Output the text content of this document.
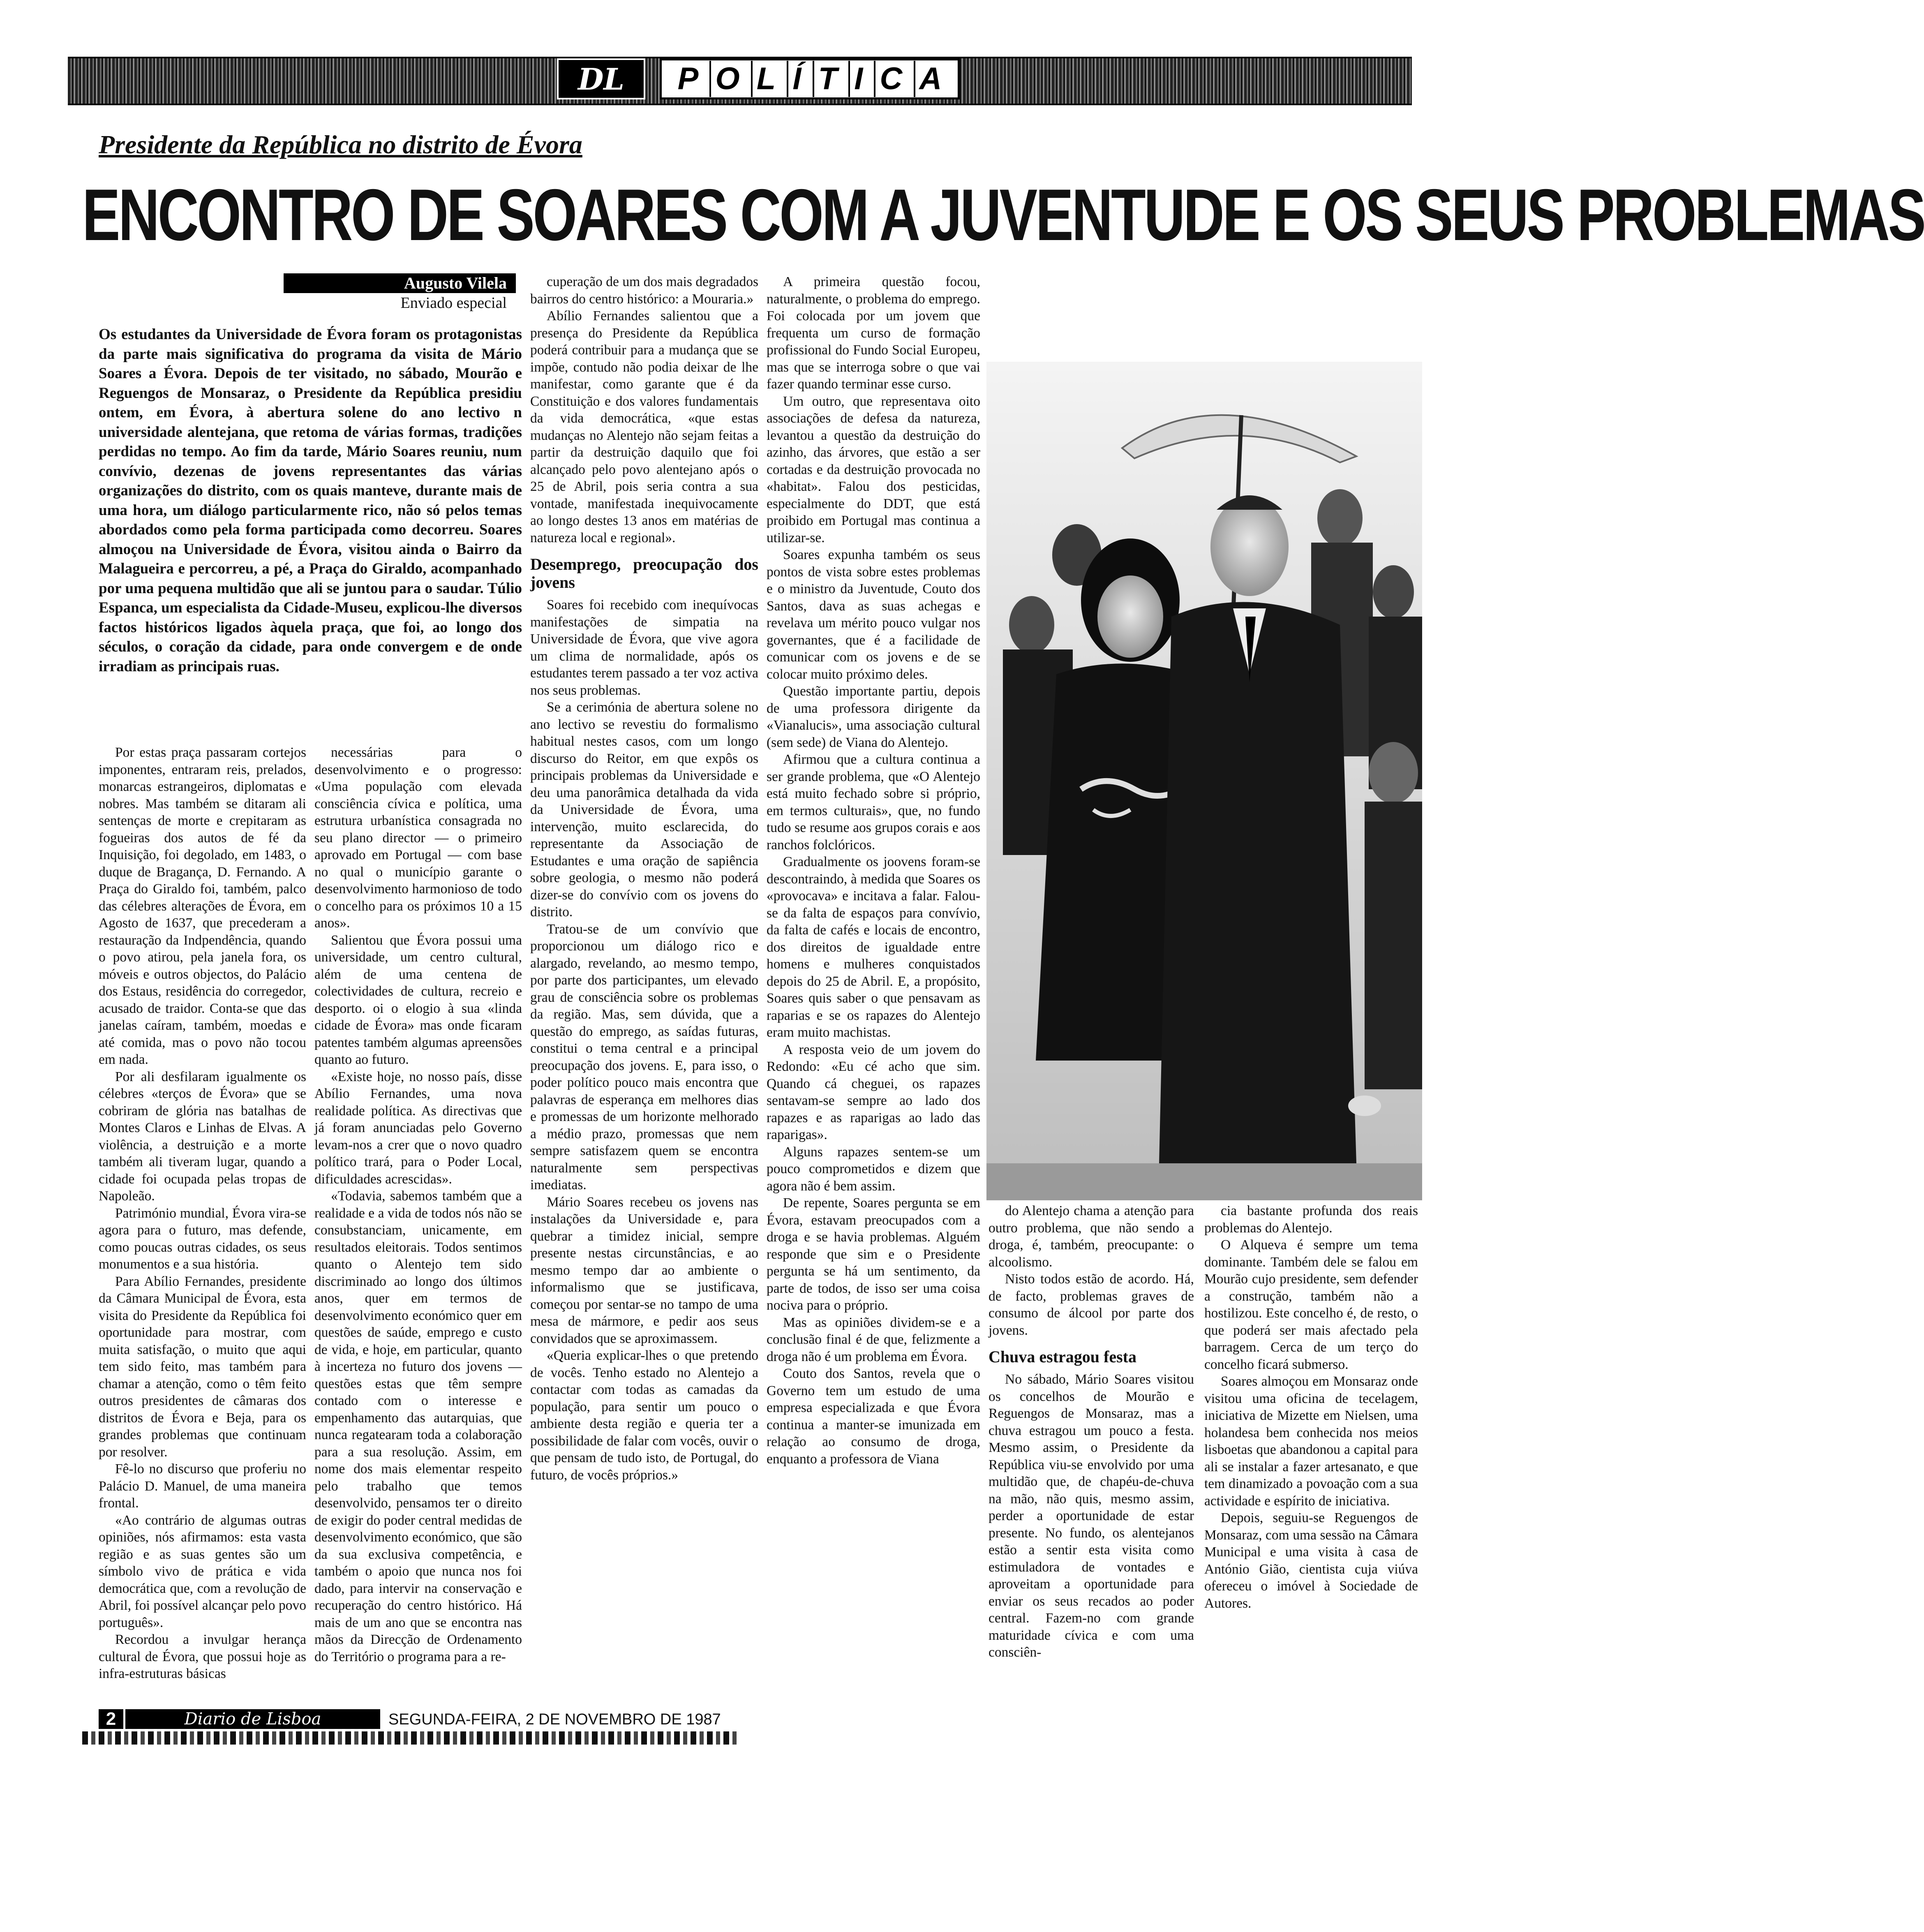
DL	P O L Í T I C A
Presidente da República no distrito de Évora
ENCONTRO DE SOARES COM A JUVENTUDE E OS SEUS PROBLEMAS
Augusto Vilela
Enviado especial
Os estudantes da Universidade de Évora foram os protagonistas da parte mais significativa do programa da visita de Mário Soares a Évora. Depois de ter visitado, no sábado, Mourão e Reguengos de Monsaraz, o Presidente da República presidiu ontem, em Évora, à abertura solene do ano lectivo n universidade alentejana, que retoma de várias formas, tradições perdidas no tempo. Ao fim da tarde, Mário Soares reuniu, num convívio, dezenas de jovens representantes das várias organizações do distrito, com os quais manteve, durante mais de uma hora, um diálogo particularmente rico, não só pelos temas abordados como pela forma participada como decorreu. Soares almoçou na Universidade de Évora, visitou ainda o Bairro da Malagueira e percorreu, a pé, a Praça do Giraldo, acompanhado por uma pequena multidão que ali se juntou para o saudar. Túlio Espanca, um especialista da Cidade-Museu, explicou-lhe diversos factos históricos ligados àquela praça, que foi, ao longo dos séculos, o coração da cidade, para onde convergem e de onde irradiam as principais ruas.

Por estas praça passaram cortejos imponentes, entraram reis, prelados, monarcas estrangeiros, diplomatas e nobres. Mas também se ditaram ali sentenças de morte e crepitaram as fogueiras dos autos de fé da Inquisição, foi degolado, em 1483, o duque de Bragança, D. Fernando. A Praça do Giraldo foi, também, palco das célebres alterações de Évora, em Agosto de 1637, que precederam a restauração da Indpendência, quando o povo atirou, pela janela fora, os móveis e outros objectos, do Palácio dos Estaus, residência do corregedor, acusado de traidor. Conta-se que das janelas caíram, também, moedas e até comida, mas o povo não tocou em nada.

Por ali desfilaram igualmente os célebres «terços de Évora» que se cobriram de glória nas batalhas de Montes Claros e Linhas de Elvas. A violência, a destruição e a morte também ali tiveram lugar, quando a cidade foi ocupada pelas tropas de Napoleão.

Património mundial, Évora vira-se agora para o futuro, mas defende, como poucas outras cidades, os seus monumentos e a sua história.

Para Abílio Fernandes, presidente da Câmara Municipal de Évora, esta visita do Presidente da República foi oportunidade para mostrar, com muita satisfação, o muito que aqui tem sido feito, mas também para chamar a atenção, como o têm feito outros presidentes de câmaras dos distritos de Évora e Beja, para os grandes problemas que continuam por resolver.

Fê-lo no discurso que proferiu no Palácio D. Manuel, de uma maneira frontal.

«Ao contrário de algumas outras opiniões, nós afirmamos: esta vasta região e as suas gentes são um símbolo vivo de prática e vida democrática que, com a revolução de Abril, foi possível alcançar pelo povo português».

Recordou a invulgar herança cultural de Évora, que possui hoje as infra-estruturas básicas

necessárias para o desenvolvimento e o progresso: «Uma população com elevada consciência cívica e política, uma estrutura urbanística consagrada no seu plano director — o primeiro aprovado em Portugal — com base no qual o município garante o desenvolvimento harmonioso de todo o concelho para os próximos 10 a 15 anos».

Salientou que Évora possui uma universidade, um centro cultural, além de uma centena de colectividades de cultura, recreio e desporto. oi o elogio à sua «linda cidade de Évora» mas onde ficaram patentes também algumas apreensões quanto ao futuro.

«Existe hoje, no nosso país, disse Abílio Fernandes, uma nova realidade política. As directivas que já foram anunciadas pelo Governo levam-nos a crer que o novo quadro político trará, para o Poder Local, dificuldades acrescidas».

«Todavia, sabemos também que a realidade e a vida de todos nós não se consubstanciam, unicamente, em resultados eleitorais. Todos sentimos quanto o Alentejo tem sido discriminado ao longo dos últimos anos, quer em termos de desenvolvimento económico quer em questões de saúde, emprego e custo de vida, e hoje, em particular, quanto à incerteza no futuro dos jovens — questões estas que têm sempre contado com o interesse e empenhamento das autarquias, que nunca regatearam toda a colaboração para a sua resolução. Assim, em nome dos mais elementar respeito pelo trabalho que temos desenvolvido, pensamos ter o direito de exigir do poder central medidas de desenvolvimento económico, que são da sua exclusiva competência, e também o apoio que nunca nos foi dado, para intervir na conservação e recuperação do centro histórico. Há mais de um ano que se encontra nas mãos da Direcção de Ordenamento do Território o programa para a re-

cuperação de um dos mais degradados bairros do centro histórico: a Mouraria.»

Abílio Fernandes salientou que a presença do Presidente da República poderá contribuir para a mudança que se impõe, contudo não podia deixar de lhe manifestar, como garante que é da Constituição e dos valores fundamentais da vida democrática, «que estas mudanças no Alentejo não sejam feitas a partir da destruição daquilo que foi alcançado pelo povo alentejano após o 25 de Abril, pois seria contra a sua vontade, manifestada inequivocamente ao longo destes 13 anos em matérias de natureza local e regional».

Desemprego, preocupação dos jovens

Soares foi recebido com inequívocas manifestações de simpatia na Universidade de Évora, que vive agora um clima de normalidade, após os estudantes terem passado a ter voz activa nos seus problemas.

Se a cerimónia de abertura solene no ano lectivo se revestiu do formalismo habitual nestes casos, com um longo discurso do Reitor, em que expôs os principais problemas da Universidade e deu uma panorâmica detalhada da vida da Universidade de Évora, uma intervenção, muito esclarecida, do representante da Associação de Estudantes e uma oração de sapiência sobre geologia, o mesmo não poderá dizer-se do convívio com os jovens do distrito.

Tratou-se de um convívio que proporcionou um diálogo rico e alargado, revelando, ao mesmo tempo, por parte dos participantes, um elevado grau de consciência sobre os problemas da região. Mas, sem dúvida, que a questão do emprego, as saídas futuras, constitui o tema central e a principal preocupação dos jovens. E, para isso, o poder político pouco mais encontra que palavras de esperança em melhores dias e promessas de um horizonte melhorado a médio prazo, promessas que nem sempre satisfazem quem se encontra naturalmente sem perspectivas imediatas.

Mário Soares recebeu os jovens nas instalações da Universidade e, para quebrar a timidez inicial, sempre presente nestas circunstâncias, e ao mesmo tempo dar ao ambiente o informalismo que se justificava, começou por sentar-se no tampo de uma mesa de mármore, e pedir aos seus convidados que se aproximassem.

«Queria explicar-lhes o que pretendo de vocês. Tenho estado no Alentejo a contactar com todas as camadas da população, para sentir um pouco o ambiente desta região e queria ter a possibilidade de falar com vocês, ouvir o que pensam de tudo isto, de Portugal, do futuro, de vocês próprios.»

A primeira questão focou, naturalmente, o problema do emprego. Foi colocada por um jovem que frequenta um curso de formação profissional do Fundo Social Europeu, mas que se interroga sobre o que vai fazer quando terminar esse curso.

Um outro, que representava oito associações de defesa da natureza, levantou a questão da destruição do azinho, das árvores, que estão a ser cortadas e da destruição provocada no «habitat». Falou dos pesticidas, especialmente do DDT, que está proibido em Portugal mas continua a utilizar-se.

Soares expunha também os seus pontos de vista sobre estes problemas e o ministro da Juventude, Couto dos Santos, dava as suas achegas e revelava um mérito pouco vulgar nos governantes, que é a facilidade de comunicar com os jovens e de se colocar muito próximo deles.

Questão importante partiu, depois de uma professora dirigente da «Vianalucis», uma associação cultural (sem sede) de Viana do Alentejo.

Afirmou que a cultura continua a ser grande problema, que «O Alentejo está muito fechado sobre si próprio, em termos culturais», que, no fundo tudo se resume aos grupos corais e aos ranchos folclóricos.

Gradualmente os joovens foram-se descontraindo, à medida que Soares os «provocava» e incitava a falar. Falou-se da falta de espaços para convívio, da falta de cafés e locais de encontro, dos direitos de igualdade entre homens e mulheres conquistados depois do 25 de Abril. E, a propósito, Soares quis saber o que pensavam as raparias e se os rapazes do Alentejo eram muito machistas.

A resposta veio de um jovem do Redondo: «Eu cé acho que sim. Quando cá cheguei, os rapazes sentavam-se sempre ao lado dos rapazes e as raparigas ao lado das raparigas».

Alguns rapazes sentem-se um pouco comprometidos e dizem que agora não é bem assim.

De repente, Soares pergunta se em Évora, estavam preocupados com a droga e se havia problemas. Alguém responde que sim e o Presidente pergunta se há um sentimento, da parte de todos, de isso ser uma coisa nociva para o próprio.

Mas as opiniões dividem-se e a conclusão final é de que, felizmente a droga não é um problema em Évora.

Couto dos Santos, revela que o Governo tem um estudo de uma empresa especializada e que Évora continua a manter-se imunizada em relação ao consumo de droga, enquanto a professora de Viana

do Alentejo chama a atenção para outro problema, que não sendo a droga, é, também, preocupante: o alcoolismo.

Nisto todos estão de acordo. Há, de facto, problemas graves de consumo de álcool por parte dos jovens.

Chuva estragou festa

No sábado, Mário Soares visitou os concelhos de Mourão e Reguengos de Monsaraz, mas a chuva estragou um pouco a festa. Mesmo assim, o Presidente da República viu-se envolvido por uma multidão que, de chapéu-de-chuva na mão, não quis, mesmo assim, perder a oportunidade de estar presente. No fundo, os alentejanos estão a sentir esta visita como estimuladora de vontades e aproveitam a oportunidade para enviar os seus recados ao poder central. Fazem-no com grande maturidade cívica e com uma consciên-

cia bastante profunda dos reais problemas do Alentejo.

O Alqueva é sempre um tema dominante. Também dele se falou em Mourão cujo presidente, sem defender a construção, também não a hostilizou. Este concelho é, de resto, o que poderá ser mais afectado pela barragem. Cerca de um terço do concelho ficará submerso.

Soares almoçou em Monsaraz onde visitou uma oficina de tecelagem, iniciativa de Mizette em Nielsen, uma holandesa bem conhecida nos meios lisboetas que abandonou a capital para ali se instalar a fazer artesanato, e que tem dinamizado a povoação com a sua actividade e espírito de iniciativa.

Depois, seguiu-se Reguengos de Monsaraz, com uma sessão na Câmara Municipal e uma visita à casa de António Gião, cientista cuja viúva ofereceu o imóvel à Sociedade de Autores.

2	Diario de Lisboa	SEGUNDA-FEIRA, 2 DE NOVEMBRO DE 1987
